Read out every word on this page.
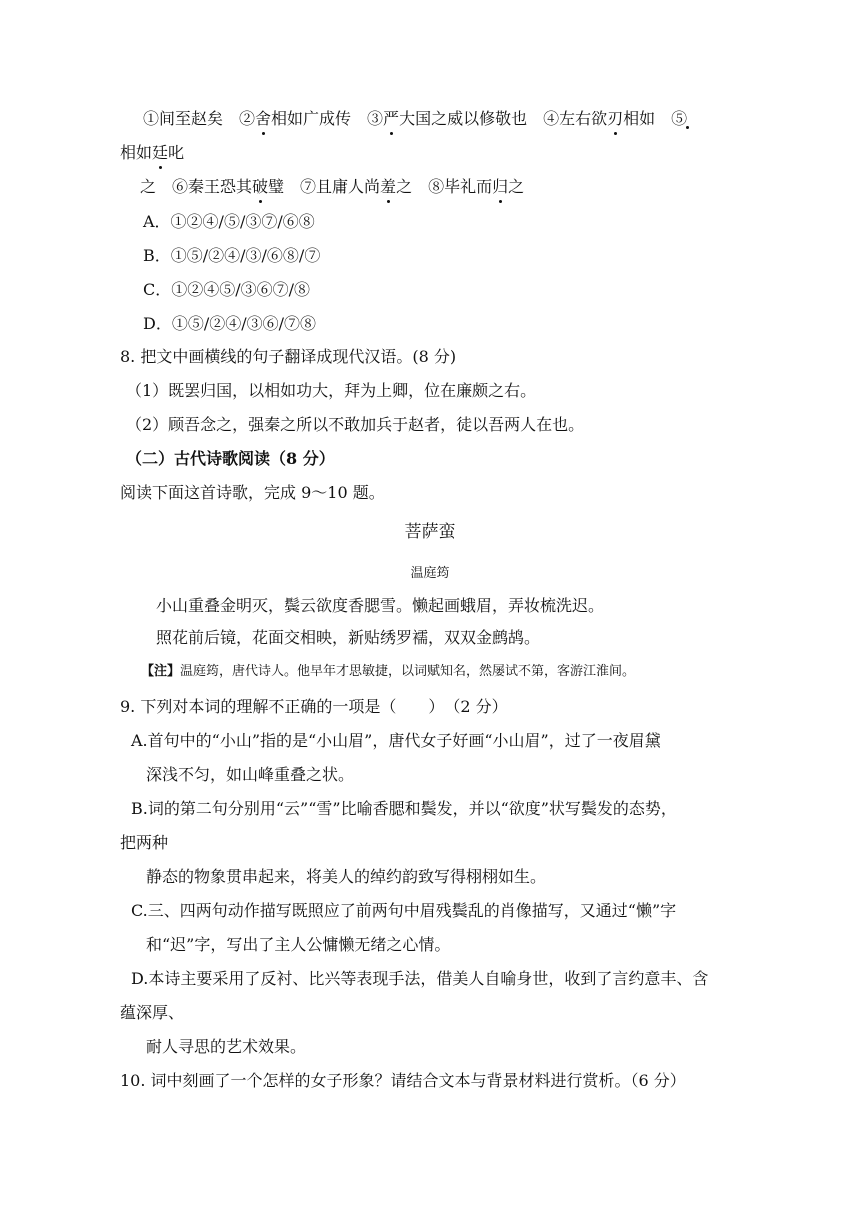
①间至赵矣　②舍相如广成传　③严大国之威以修敬也　④左右欲刃相如　⑤
相如廷叱
之　⑥秦王恐其破璧　⑦且庸人尚羞之　⑧毕礼而归之
A．①②④/⑤/③⑦/⑥⑧
B．①⑤/②④/③/⑥⑧/⑦
C．①②④⑤/③⑥⑦/⑧
D．①⑤/②④/③⑥/⑦⑧
8. 把文中画横线的句子翻译成现代汉语。(8 分)
（1）既罢归国，以相如功大，拜为上卿，位在廉颇之右。
（2）顾吾念之，强秦之所以不敢加兵于赵者，徒以吾两人在也。
（二）古代诗歌阅读（8 分）
阅读下面这首诗歌，完成 9～10 题。
菩萨蛮
温庭筠
小山重叠金明灭，鬓云欲度香腮雪。懒起画蛾眉，弄妆梳洗迟。
照花前后镜，花面交相映，新贴绣罗襦，双双金鹧鸪。
【注】温庭筠，唐代诗人。他早年才思敏捷，以词赋知名，然屡试不第，客游江淮间。
9. 下列对本词的理解不正确的一项是（　　）　（2 分）
A.首句中的“小山”指的是“小山眉”，唐代女子好画“小山眉”，过了一夜眉黛
深浅不匀，如山峰重叠之状。
B.词的第二句分别用“云”“雪”比喻香腮和鬓发，并以“欲度”状写鬓发的态势，
把两种
静态的物象贯串起来，将美人的绰约韵致写得栩栩如生。
C.三、四两句动作描写既照应了前两句中眉残鬓乱的肖像描写，又通过“懒”字
和“迟”字，写出了主人公慵懒无绪之心情。
D.本诗主要采用了反衬、比兴等表现手法，借美人自喻身世，收到了言约意丰、含
蕴深厚、
耐人寻思的艺术效果。
10. 词中刻画了一个怎样的女子形象？请结合文本与背景材料进行赏析。（6 分）
